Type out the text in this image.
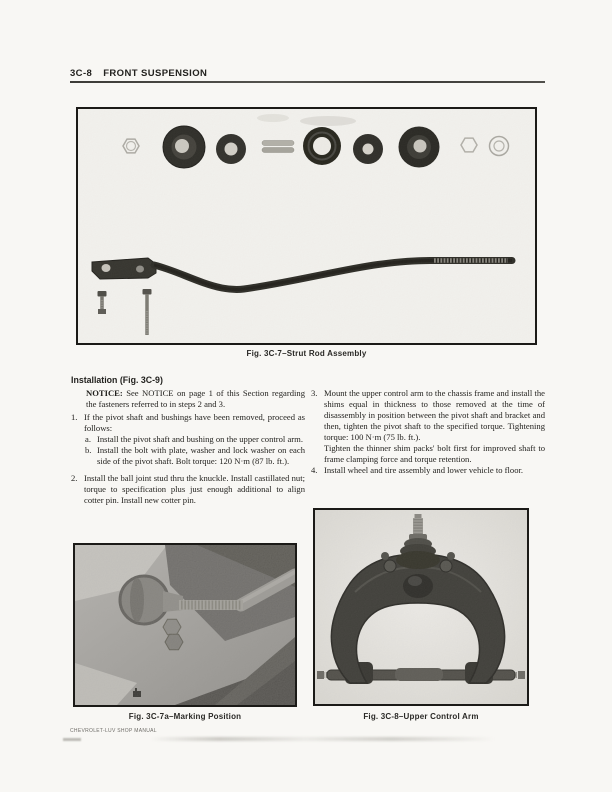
3C-8 FRONT SUSPENSION
Fig. 3C-7–Strut Rod Assembly
Installation (Fig. 3C-9)
NOTICE: See NOTICE on page 1 of this Section regarding the fasteners referred to in steps 2 and 3.
1. If the pivot shaft and bushings have been removed, proceed as follows:
a. Install the pivot shaft and bushing on the upper control arm.
b. Install the bolt with plate, washer and lock washer on each side of the pivot shaft. Bolt torque: 120 N·m (87 lb. ft.).
2. Install the ball joint stud thru the knuckle. Install castillated nut; torque to specification plus just enough additional to align cotter pin. Install new cotter pin.
3. Mount the upper control arm to the chassis frame and install the shims equal in thickness to those removed at the time of disassembly in position between the pivot shaft and bracket and then, tighten the pivot shaft to the specified torque. Tightening torque: 100 N·m (75 lb. ft.).
Tighten the thinner shim packs' bolt first for improved shaft to frame clamping force and torque retention.
4. Install wheel and tire assembly and lower vehicle to floor.
Fig. 3C-7a–Marking Position	Fig. 3C-8–Upper Control Arm
CHEVROLET-LUV SHOP MANUAL
